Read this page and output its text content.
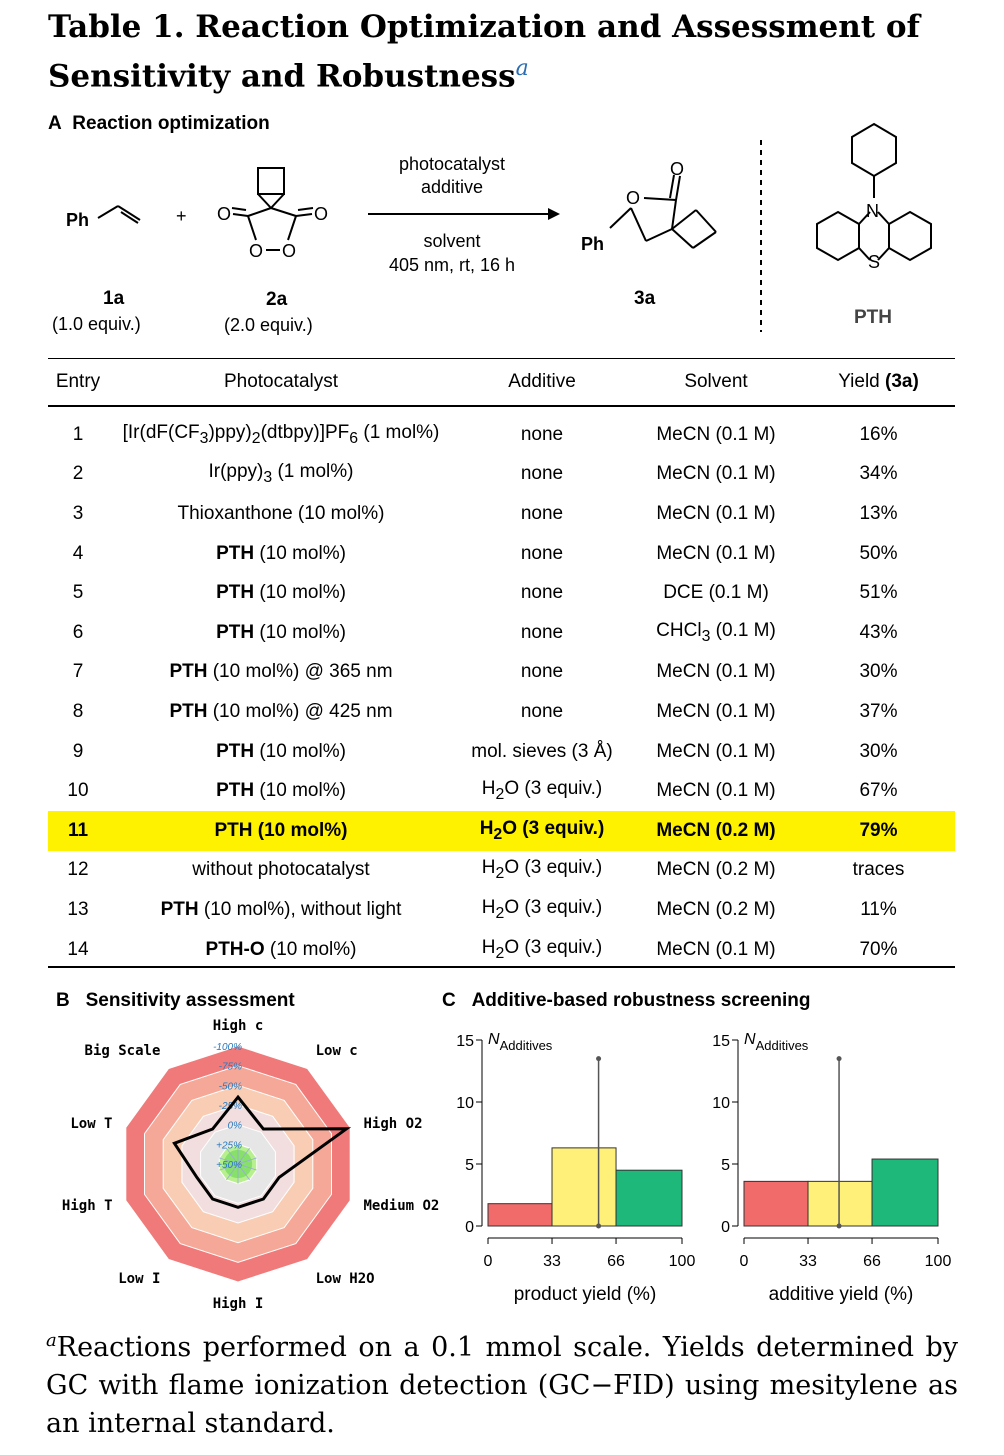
Table 1. Reaction Optimization and Assessment of Sensitivity and Robustness$^a$
A Reaction optimization
Ph
1a
(1.0 equiv.)
+ O	O
O O
2a
(2.0 equiv.)
photocatalyst
additive
solvent
405 nm, rt, 16 h
O
O
Ph
3a
N
S
PTH
Entry	Photocatalyst	Additive	Solvent	Yield (3a)
1	$[Ir(dF(CF_3)ppy)_2(dtbpy)]PF_6$ (1 mol%)	none	MeCN (0.1 M)	16%
2	$Ir(ppy)_3$ (1 mol%)	none	MeCN (0.1 M)	34%
3	Thioxanthone (10 mol%)	none	MeCN (0.1 M)	13%
4	PTH (10 mol%)	none	MeCN (0.1 M)	50%
5	PTH (10 mol%)	none	DCE (0.1 M)	51%
6	PTH (10 mol%)	none	CHCl$_3$ (0.1 M)	43%
7	PTH (10 mol%) @ 365 nm	none	MeCN (0.1 M)	30%
8	PTH (10 mol%) @ 425 nm	none	MeCN (0.1 M)	37%
9	PTH (10 mol%)	mol. sieves (3 Å)	MeCN (0.1 M)	30%
10	PTH (10 mol%)	$H_2O$ (3 equiv.)	MeCN (0.1 M)	67%
11	PTH (10 mol%)	$H_2O$ (3 equiv.)	MeCN (0.2 M)	79%
12	without photocatalyst	$H_2O$ (3 equiv.)	MeCN (0.2 M)	traces
13	PTH (10 mol%), without light	$H_2O$ (3 equiv.)	MeCN (0.2 M)	11%
14	PTH-O (10 mol%)	$H_2O$ (3 equiv.)	MeCN (0.1 M)	70%
B Sensitivity assessment
-100%
-75%
-50%
-25%
0%
+25%
+50%
High c
Low c
High O2
Medium O2
Low H2O
High I
Low I
High T
Low T
Big Scale
C Additive-based robustness screening
0
5
10
15 $N_{Additives}$
0	33	66	100
product yield (%)
0
5
10
15 $N_{Additives}$
0	33	66	100
additive yield (%)
$^a$Reactions performed on a 0.1 mmol scale. Yields determined by GC with flame ionization detection (GC−FID) using mesitylene as an internal standard.
